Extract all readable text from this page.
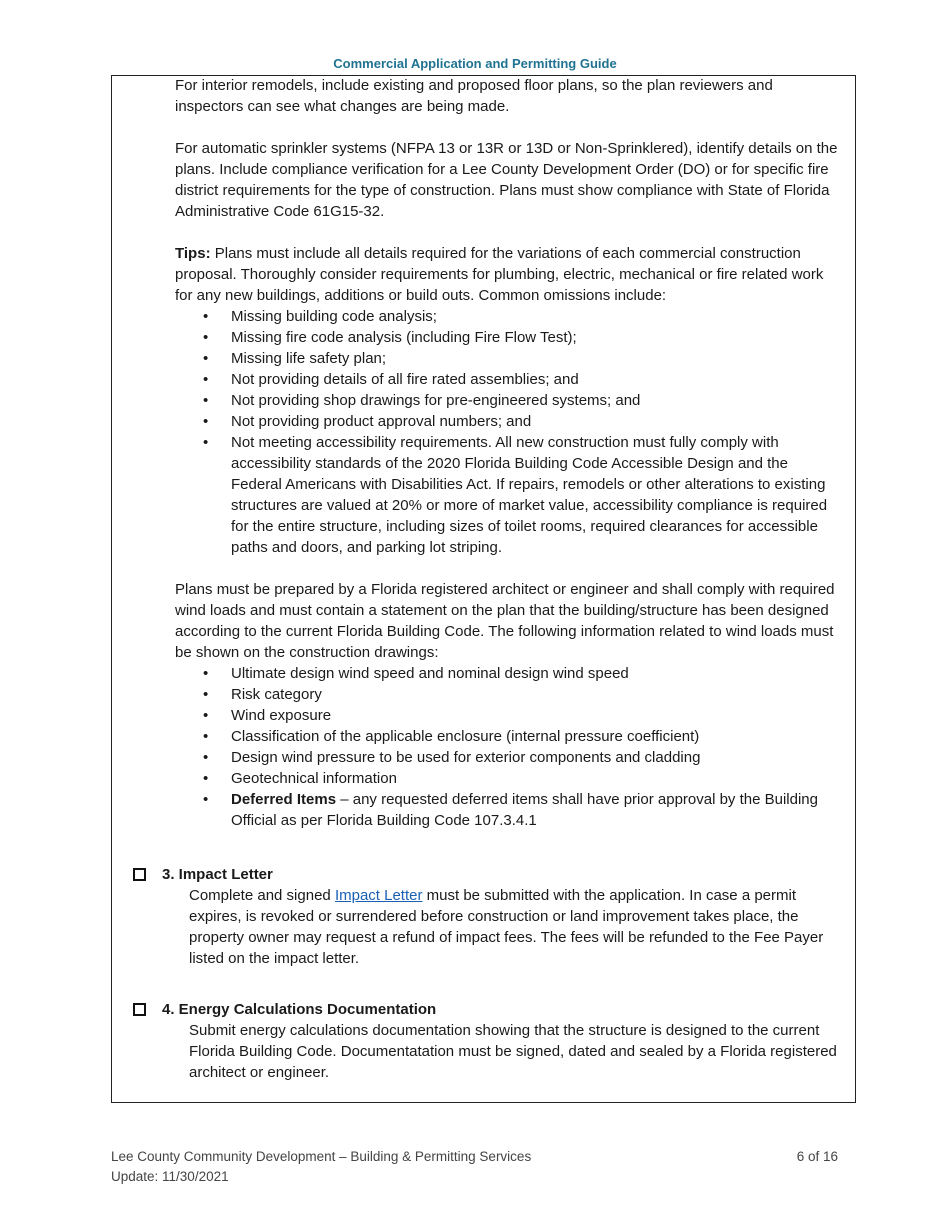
Commercial Application and Permitting Guide

For interior remodels, include existing and proposed floor plans, so the plan reviewers and inspectors can see what changes are being made.

For automatic sprinkler systems (NFPA 13 or 13R or 13D or Non-Sprinklered), identify details on the plans. Include compliance verification for a Lee County Development Order (DO) or for specific fire district requirements for the type of construction. Plans must show compliance with State of Florida Administrative Code 61G15-32.

Tips: Plans must include all details required for the variations of each commercial construction proposal. Thoroughly consider requirements for plumbing, electric, mechanical or fire related work for any new buildings, additions or build outs. Common omissions include:

• Missing building code analysis;
• Missing fire code analysis (including Fire Flow Test);
• Missing life safety plan;
• Not providing details of all fire rated assemblies; and
• Not providing shop drawings for pre-engineered systems; and
• Not providing product approval numbers; and
• Not meeting accessibility requirements. All new construction must fully comply with accessibility standards of the 2020 Florida Building Code Accessible Design and the Federal Americans with Disabilities Act. If repairs, remodels or other alterations to existing structures are valued at 20% or more of market value, accessibility compliance is required for the entire structure, including sizes of toilet rooms, required clearances for accessible paths and doors, and parking lot striping.

Plans must be prepared by a Florida registered architect or engineer and shall comply with required wind loads and must contain a statement on the plan that the building/structure has been designed according to the current Florida Building Code. The following information related to wind loads must be shown on the construction drawings:

• Ultimate design wind speed and nominal design wind speed
• Risk category
• Wind exposure
• Classification of the applicable enclosure (internal pressure coefficient)
• Design wind pressure to be used for exterior components and cladding
• Geotechnical information
• Deferred Items – any requested deferred items shall have prior approval by the Building Official as per Florida Building Code 107.3.4.1
3. Impact Letter

Complete and signed Impact Letter must be submitted with the application. In case a permit expires, is revoked or surrendered before construction or land improvement takes place, the property owner may request a refund of impact fees. The fees will be refunded to the Fee Payer listed on the impact letter.

4. Energy Calculations Documentation

Submit energy calculations documentation showing that the structure is designed to the current Florida Building Code. Documentatation must be signed, dated and sealed by a Florida registered architect or engineer.

Lee County Community Development – Building & Permitting Services
Update: 11/30/2021
6 of 16
